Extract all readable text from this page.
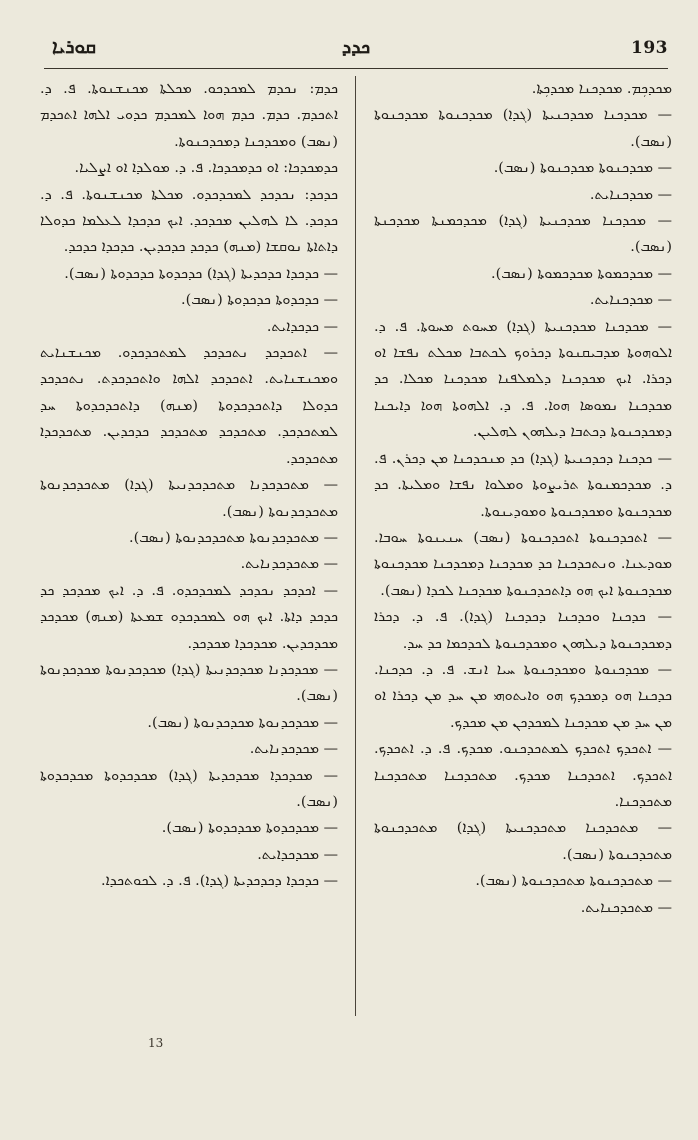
ܩܘܪܝܐ	ܟܕܕ	193

ܡܟܕܟܼܡ. ܡܟܕܟܢܐ ܡܟܕܟܼܬܐ.

— ܡܟܕܟܢܐ ܡܟܕܟܢܝܬܐ (ܓܕܐ) ܡܟܕܟܢܘܬܐ ܡܟܕܟܢܘܬܐ (ܢܣܒ).

— ܡܟܕܟܢܘܬܐ ܡܟܕܟܢܘܬܐ (ܢܣܒ).

— ܡܟܕܟܢܐܝܬ.

— ܡܟܕܟܢܐ ܡܟܕܟܢܝܬܐ (ܓܕܐ) ܡܟܕܟܡܢܬܐ ܡܟܕܟܢܬܐ (ܢܣܒ).

— ܡܟܕܟܡܘܬܐ ܡܟܕܟܡܘܬܐ (ܢܣܒ).

— ܡܟܕܟܢܐܝܬ.

— ܡܟܕܟܢܐ ܡܟܕܟܢܝܬܐ (ܓܕܐ) ܡܚܘܬ ܡܚܘܬܐ. ܦ. ܕ. ܐܠܘܗܘܬܐ ܡܕܒܝܩܢܘܬܐ ܕܟܪܘܟ ܠܟܬܒܐ ܡܟܠܬ ܢܦܫܐ ܐܘ ܕܟܪܐ. ܐܝܟ ܡܟܕܟܢܐ ܕܠܡܠܦܢܐ ܡܟܕܟܢܐ ܡܟܠܐ. ܟܕ ܡܟܕܟܢܐ ܢܡܘܣܐ ܗܘܐ. ܦ. ܕ. ܐܠܗܘܬܐ ܗܘܐ ܕܐܝܟܢܐ ܕܡܟܕܟܢܘܬܐ ܕܟܬܒܐ ܕܝܠܗܘܢ ܠܗܠܝܢ.

— ܟܕܟܢܐ ܕܟܕܟܢܝܬܐ (ܓܕܐ) ܟܕ ܡܢܟܕܟܢܐ ܡܢ ܕܟܪܢ. ܦ. ܕ. ܡܟܕܟܡܢܘܬܐ ܬܪܝܨܘܬܐ ܘܡܠܘܐ ܢܦܫܐ ܘܡܠܝܬܐ. ܟܕ ܡܟܕܟܢܘܬܐ ܘܡܟܕܟܢܘܬܐ ܘܡܘܕܝܢܘܬܐ.

— ܐܬܟܕܟܢܘܬܐ ܐܬܟܕܟܢܘܬܐ (ܢܣܒ) ܚܢܝܢܘܬܐ ܚܘܒܐ. ܡܘܕܥܢܐ. ܘܢܬܟܕܟܢܐ ܟܕ ܡܟܕܟܢܐ ܕܡܟܕܟܢܐ ܡܟܕܟܢܘܬܐ ܡܟܕܟܢܘܬܐ ܐܝܟ ܗܘ ܕܐܬܟܕܟܢܘܬܐ ܡܟܕܟܢܐ ܠܟܕܐ (ܢܣܒ).

— ܟܕܟܢܐ ܘܟܕܟܢܐ ܕܟܕܟܢܐ (ܓܕܐ). ܦ. ܕ. ܕܟܪܐ ܕܡܟܕܟܢܘܬܐ ܕܝܠܗܘܢ ܘܡܟܕܟܢܘܬܐ ܠܟܕܟܡܐ ܟܕ ܚܕ.

— ܡܟܕܟܢܘܬܐ ܘܡܟܕܟܢܘܬܐ ܚܝܐ ܐܢܫ. ܦ. ܕ. ܟܕܟܢܐ. ܟܕܟܢܐ ܗܘ ܕܡܟܕܟ ܗܘ ܘܐܝܬܘܗܝ ܡܢ ܚܕ ܡܢ ܕܟܪܐ ܐܘ ܡܢ ܚܕ ܡܢ ܡܟܕܟܢܐ ܠܡܟܕܟܢ ܡܢ ܡܟܕܟ.

— ܐܬܟܕܟ ܐܬܟܕܟ ܠܡܬܟܕܟܢܘ. ܡܟܕܟ. ܦ. ܕ. ܐܬܟܕܟ. ܐܬܟܕܟ. ܐܬܟܕܟܢܐ ܡܟܕܟ. ܡܬܟܕܟܢܐ ܡܬܟܕܟܢܐ ܡܬܟܕܟܢܐ.

— ܡܬܟܕܟܢܐ ܡܬܟܕܟܢܝܬܐ (ܓܕܐ) ܡܬܟܕܟܢܘܬܐ ܡܬܟܕܟܢܘܬܐ (ܢܣܒ).

— ܡܬܟܕܟܢܘܬܐ ܡܬܟܕܟܢܘܬܐ (ܢܣܒ).

— ܡܬܟܕܟܢܐܝܬ.

ܟܕܡ: ܢܟܕܡ ܠܡܟܕܟܘ. ܡܟܠܬܐ ܡܟܢܫܢܘܬܐ. ܦ. ܕ. ܐܬܟܕܡ. ܟܕܡ. ܟܕܡ ܗܘܐ ܠܡܟܕܡ ܟܕܘܝ ܐܠܗܐ ܐܬܟܕܡ (ܢܣܒ) ܘܡܟܕܟܢܐ ܕܡܟܕܟܢܘܬܐ.

ܟܕܡܟܕܟܐ: ܐܘ ܟܕܡܟܕܟܐ. ܦ. ܕ. ܡܘܠܕܐ ܐܘ ܐܨܠܝܐ.

ܟܕܟܕ: ܢܟܕܟܕ ܠܡܟܕܟܕܘ. ܡܟܠܬܐ ܡܟܢܫܢܘܬܐ. ܦ. ܕ. ܟܕܟܕ. ܠܐ ܠܗܠܝܢ ܡܟܕܟܕ. ܐܝܟ ܟܕܟܕܐ ܠܥܠܡܐ ܟܕܘܠܐ ܕܐܬܐܬܐ ܢܘܩܫܐ (ܡܢܗ) ܟܕܟܕ ܟܕܟܕܝܢ. ܟܕܟܕܐ ܟܕܟܕ.

— ܟܕܟܕܐ ܟܕܟܕܝܬܐ (ܓܕܐ) ܟܕܟܕܘܬܐ ܟܕܟܕܘܬܐ (ܢܣܒ).

— ܟܕܟܕܘܬܐ ܟܕܟܕܘܬܐ (ܢܣܒ).

— ܟܕܟܕܐܝܬ.

— ܐܬܟܕܟܕ ܢܬܟܕܟܕ ܠܡܬܟܕܟܕܘ. ܡܟܢܫܢܐܝܬ ܘܡܟܢܫܢܐܝܬ. ܐܬܟܕܟܕ ܐܠܗܐ ܘܐܬܟܕܟܕܬ. ܢܬܟܕܟܕ ܟܕܘܠܐ ܕܐܬܟܕܟܕܘܬܐ (ܡܢܗ) ܕܐܬܟܕܟܕܘܬܐ ܚܕ ܠܡܬܟܕܟܕ. ܡܬܟܕܟܕ ܡܬܟܕܟܕ ܟܕܟܕܝܢ. ܡܬܟܕܟܕܐ ܡܬܟܕܟܕ.

— ܡܬܟܕܟܕܢܐ ܡܬܟܕܟܕܢܝܬܐ (ܓܕܐ) ܡܬܟܕܟܕܢܘܬܐ ܡܬܟܕܟܕܢܘܬܐ (ܢܣܒ).

— ܡܬܟܕܟܕܢܘܬܐ ܡܬܟܕܟܕܢܘܬܐ (ܢܣܒ).

— ܡܬܟܕܟܕܢܐܝܬ.

— ܐܟܕܟܕ ܢܟܕܟܕ ܠܡܟܕܟܕܘ. ܦ. ܕ. ܐܝܟ ܡܟܕܟܕ ܟܕ ܟܕܟܕ ܕܐܬܐ. ܐܝܟ ܗܘ ܠܡܟܕܟܕܘ ܫܡܥܬܐ (ܡܢܗ) ܡܟܕܟܕ ܡܟܕܟܕܝܢ. ܡܟܕܟܕܐ ܡܟܕܟܕ.

— ܡܟܕܟܕܢܐ ܡܟܕܟܕܢܝܬܐ (ܓܕܐ) ܡܟܕܟܕܢܘܬܐ ܡܟܕܟܕܢܘܬܐ (ܢܣܒ).

— ܡܟܕܟܕܢܘܬܐ ܡܟܕܟܕܢܘܬܐ (ܢܣܒ).

— ܡܟܕܟܕܢܐܝܬ.

— ܡܟܕܟܕܐ ܡܟܕܟܕܝܬܐ (ܓܕܐ) ܡܟܕܟܕܘܬܐ ܡܟܕܟܕܘܬܐ (ܢܣܒ).

— ܡܟܕܟܕܘܬܐ ܡܟܕܟܕܘܬܐ (ܢܣܒ).

— ܡܟܕܟܕܐܝܬ.

— ܟܕܟܕܐ ܕܟܕܟܕܝܬܐ (ܓܕܐ). ܦ. ܕ. ܠܟܘܬܟܕܐ.

13
